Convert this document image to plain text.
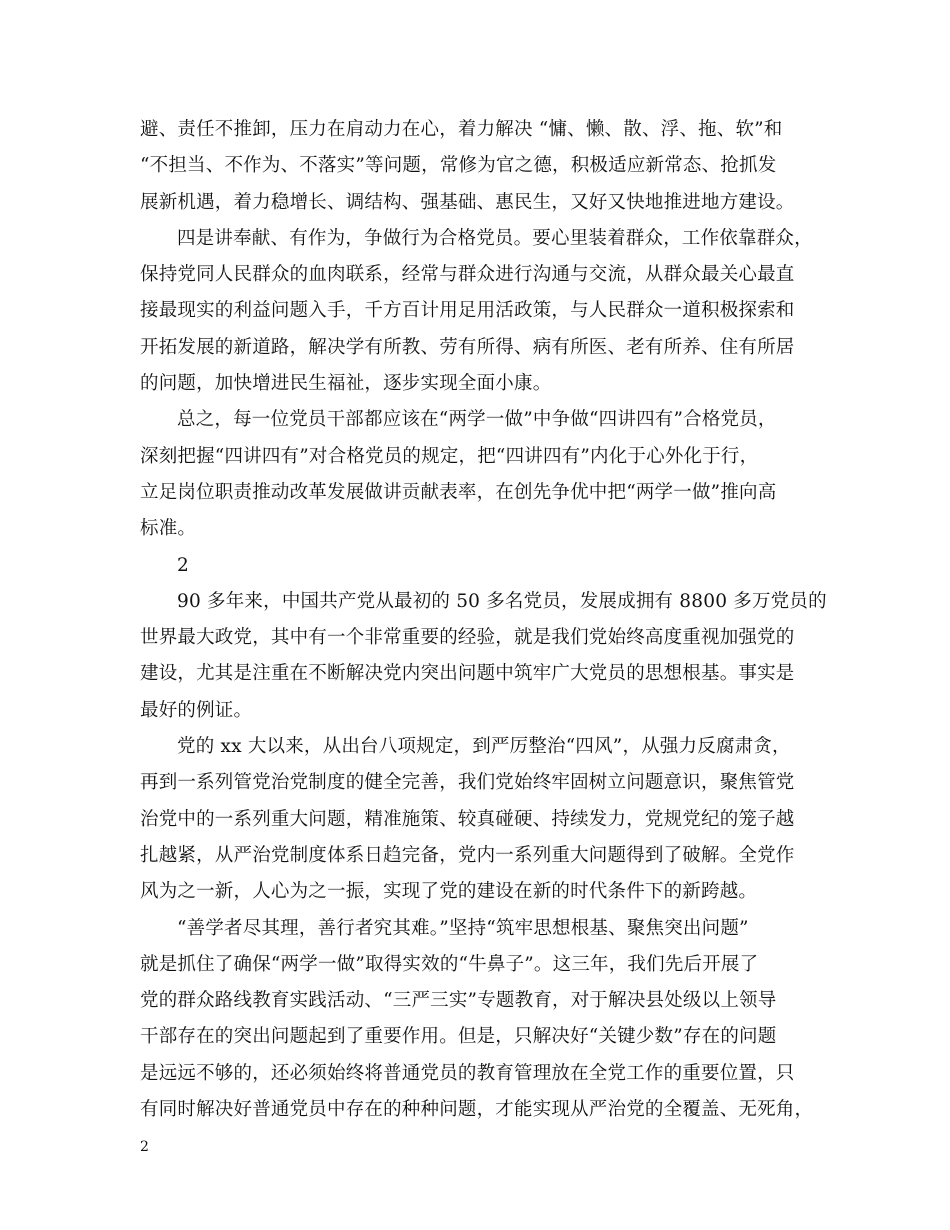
避、责任不推卸，压力在肩动力在心，着力解决 “慵、懒、散、浮、拖、软”和
“不担当、不作为、不落实”等问题，常修为官之德，积极适应新常态、抢抓发
展新机遇，着力稳增长、调结构、强基础、惠民生，又好又快地推进地方建设。
四是讲奉献、有作为，争做行为合格党员。要心里装着群众，工作依靠群众，
保持党同人民群众的血肉联系，经常与群众进行沟通与交流，从群众最关心最直
接最现实的利益问题入手，千方百计用足用活政策，与人民群众一道积极探索和
开拓发展的新道路，解决学有所教、劳有所得、病有所医、老有所养、住有所居
的问题，加快增进民生福祉，逐步实现全面小康。
总之，每一位党员干部都应该在“两学一做”中争做“四讲四有”合格党员，
深刻把握“四讲四有”对合格党员的规定，把“四讲四有”内化于心外化于行，
立足岗位职责推动改革发展做讲贡献表率，在创先争优中把“两学一做”推向高
标准。
2
90 多年来，中国共产党从最初的 50 多名党员，发展成拥有 8800 多万党员的
世界最大政党，其中有一个非常重要的经验，就是我们党始终高度重视加强党的
建设，尤其是注重在不断解决党内突出问题中筑牢广大党员的思想根基。事实是
最好的例证。
党的 xx 大以来，从出台八项规定，到严厉整治“四风”，从强力反腐肃贪，
再到一系列管党治党制度的健全完善，我们党始终牢固树立问题意识，聚焦管党
治党中的一系列重大问题，精准施策、较真碰硬、持续发力，党规党纪的笼子越
扎越紧，从严治党制度体系日趋完备，党内一系列重大问题得到了破解。全党作
风为之一新，人心为之一振，实现了党的建设在新的时代条件下的新跨越。
“善学者尽其理，善行者究其难。”坚持“筑牢思想根基、聚焦突出问题”
就是抓住了确保“两学一做”取得实效的“牛鼻子”。这三年，我们先后开展了
党的群众路线教育实践活动、“三严三实”专题教育，对于解决县处级以上领导
干部存在的突出问题起到了重要作用。但是，只解决好“关键少数”存在的问题
是远远不够的，还必须始终将普通党员的教育管理放在全党工作的重要位置，只
有同时解决好普通党员中存在的种种问题，才能实现从严治党的全覆盖、无死角，
2
